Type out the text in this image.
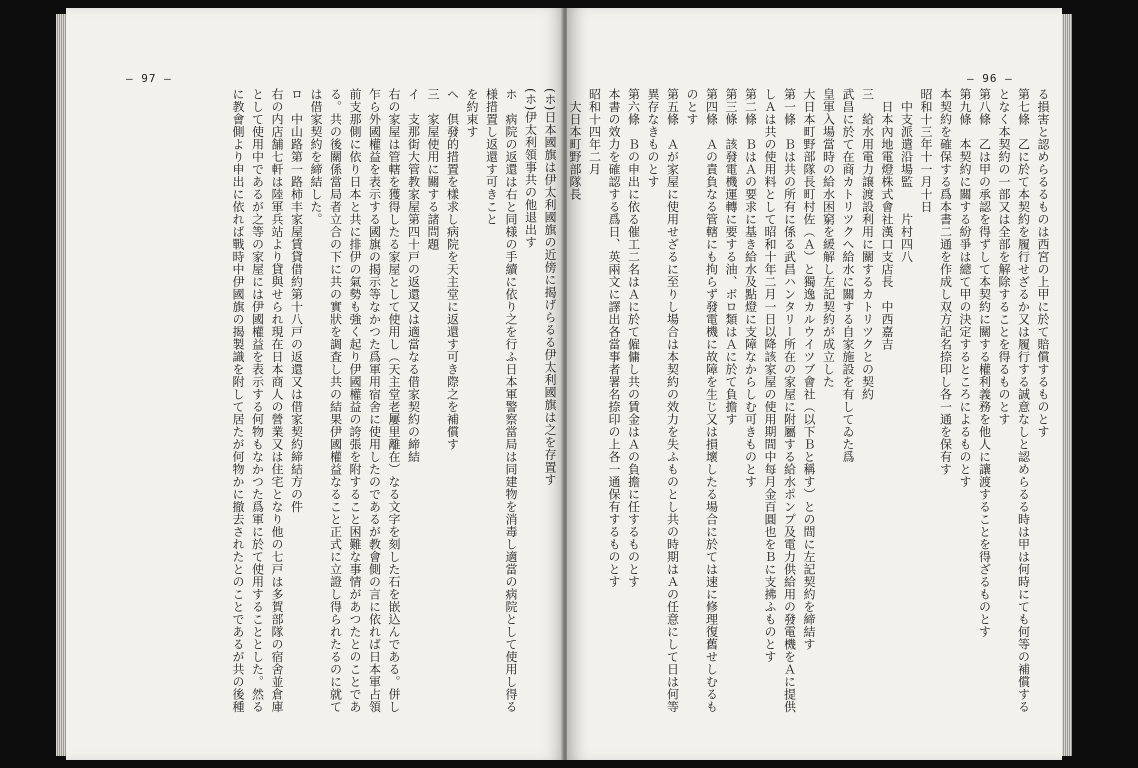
— 97 —
(ホ)日本國旗は伊太利國旗の近傍に揭げらるる伊太利國旗は之を存置す
(ホ)伊太利領事共の他退出す
ホ　病院の返還は右と同様の手續に依り之を行ふ日本軍警察當局は同建物を消毒し適當の病院として使用し得る様措置し返還す可きこと
を約束す
ヘ　倶發的措置を樣求し病院を天主堂に返還す可き際之を補償す
三　家屋使用に關する諸問題
イ　支那街大管教家屋第四十戸の返還又は適當なる借家契約の締結
右の家屋は管轄を獲得したる家屋として使用し（天主堂老屢里離在）なる文字を刻した石を嵌込んである。併し乍ら外國權益を表示する國旗の揭示等なかつた爲軍用宿舍に使用したのであるが教會側の言に依れば日本軍占領前支那側に依り日本と共に排伊の氣勢も強く起り伊國權益の誇張を附すること困難な事情があつたとのことである。共の後關係當局者立合の下に共の實狀を調査し共の結果伊國權益なること正式に立證し得られたるのに就ては借家契約を締結した。
ロ　中山路第一路柿丰家屋賃貸借約第十八戸の返還又は借家契約締結方の件
右の内店舗七軒は陸軍兵站より貸與せられ現在日本商人の營業又は住宅となり他の七戸は多賀部隊の宿舍並倉庫として使用中であるが之等の家屋には伊國權益を表示する何物もなかつた爲軍に於て使用することとした。然るに教會側より申出に依れば戰時中伊國旗の揭製識を附して居たが何物かに撤去されたとのことであるが共の後種
— 96 —
る損害と認めらるるものは西宮の上甲に於て賠償するものとす
第七條　乙に於て本契約を履行せざるか又は履行する誠意なしと認めらるる時は甲は何時にても何等の補償するとなく本契約の一部又は全部を解除することを得るものとす
第八條　乙は甲の承認を得ずして本契約に關する權利義務を他人に讓渡することを得ざるものとす
第九條　本契約に關する紛爭は總て甲の決定するところによるものとす
本契約を確保する爲本書二通を作成し双方記名捺印し各一通を保有す
昭和十三年十一月十日
　中支派遣沿場監　　片村四八
　日本內地電燈株式會社漢口支店長　中西嘉吉
三　給水用電力譲渡設利用に關するカトリツクとの契約
武昌に於て在商カトリツクへ給水に關する自家施設を有してゐた爲
皇軍入場當時の給水困窮を緩解し左記契約が成立した
大日本町野部隊長町村佐（Ａ）と獨逸カルウイツブ會社（以下Ｂと稱す）との間に左記契約を締結す
第一條　Ｂは共の所有に係る武昌ハンタリー所在の家屋に附屬する給水ポンプ及電力供給用の發電機をＡに提供しＡは共の使用料として昭和十年二月一日以降該家屋の使用期間中每月金百圓也をＢに支拂ふものとす
第二條　ＢはＡの要求に基き給水及點燈に支障なからしむ可きものとす
第三條　該發電機運轉に要する油、ボロ類はＡに於て負擔す
第四條　Ａの責負なる管轄にも拘らず發電機に故障を生じ又は損壞したる場合に於ては速に修理復舊せしむるものとす
第五條　Ａが家屋に使用せざるに至りし場合は本契約の效力を失ふものとし共の時期はＡの任意にして日は何等異存なきものとす
第六條　Ｂの申出に依る催工二名はＡに於て僱傭し共の賃金はＡの負擔に任するものとす
本書の效力を確認する爲日、英兩文に譯出各當事者署名捺印の上各一通保有するものとす
昭和十四年二月
　大日本町野部隊長
